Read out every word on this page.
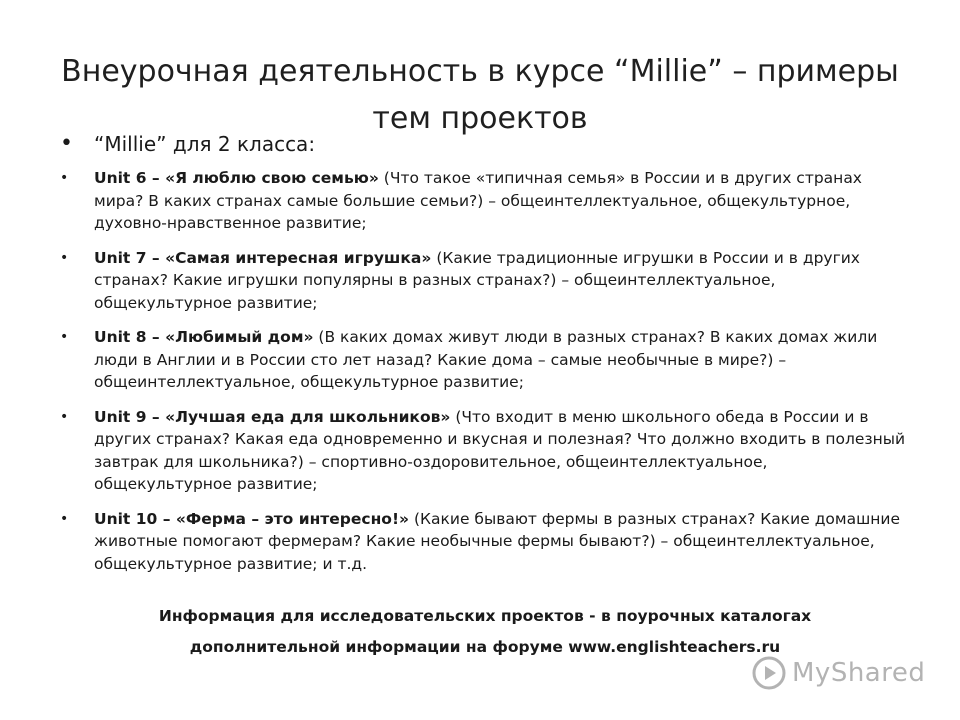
Внеурочная деятельность в курсе “Millie” – примеры тем проектов
• “Millie” для 2 класса:
• Unit 6 – «Я люблю свою семью» (Что такое «типичная семья» в России и в других странах мира? В каких странах самые большие семьи?) – общеинтеллектуальное, общекультурное, духовно-нравственное развитие;
• Unit 7 – «Самая интересная игрушка» (Какие традиционные игрушки в России и в других странах? Какие игрушки популярны в разных странах?) – общеинтеллектуальное, общекультурное развитие;
• Unit 8 – «Любимый дом» (В каких домах живут люди в разных странах? В каких домах жили люди в Англии и в России сто лет назад? Какие дома – самые необычные в мире?) – общеинтеллектуальное, общекультурное развитие;
• Unit 9 – «Лучшая еда для школьников» (Что входит в меню школьного обеда в России и в других странах? Какая еда одновременно и вкусная и полезная? Что должно входить в полезный завтрак для школьника?) – спортивно-оздоровительное, общеинтеллектуальное, общекультурное развитие;
• Unit 10 – «Ферма – это интересно!» (Какие бывают фермы в разных странах? Какие домашние животные помогают фермерам? Какие необычные фермы бывают?) – общеинтеллектуальное, общекультурное развитие; и т.д.
Информация для исследовательских проектов - в поурочных каталогах
дополнительной информации на форуме www.englishteachers.ru
MyShared
